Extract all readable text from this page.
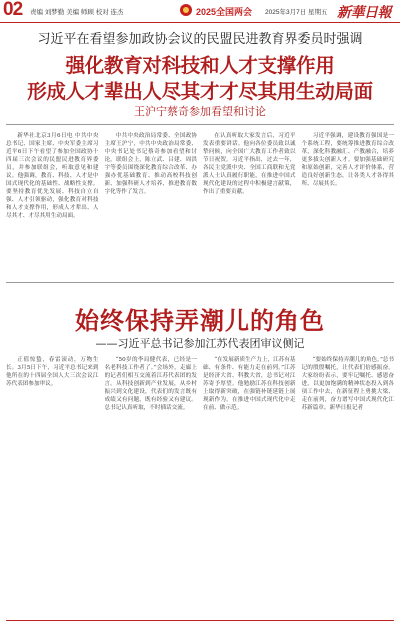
02 责编 刘梦勤 美编 师顾 校对 连杰	2025全国两会 2025年3月7日 星期五 新華日報
习近平在看望参加政协会议的民盟民进教育界委员时强调
强化教育对科技和人才支撑作用
形成人才辈出人尽其才才尽其用生动局面
王沪宁蔡奇参加看望和讨论

新华社北京3月6日电 中共中央总书记、国家主席、中央军委主席习近平6日下午看望了参加全国政协十四届三次会议的民盟民进教育界委员，并参加联组会，听取意见和建议。他强调，教育、科技、人才是中国式现代化的基础性、战略性支撑。要坚持教育优先发展、科技自立自强、人才引领驱动，强化教育对科技和人才支撑作用，形成人才辈出、人尽其才、才尽其用生动局面。

中共中央政治局常委、全国政协主席王沪宁，中共中央政治局常委、中央书记处书记蔡奇参加看望和讨论。联组会上，陈立武、吕建、周洪宇等委员围绕深化教育综合改革、办强办优基础教育、推动高校科技创新、加强科研人才培养、推进教育数字化等作了发言。

在认真听取大家发言后，习近平发表重要讲话。他向各位委员致以诚挚问候，向全国广大教育工作者致以节日祝贺。习近平指出，过去一年，各民主党派中央、全国工商联和无党派人士认真履行职能，在推进中国式现代化建设的过程中积极建言献策，作出了重要贡献。

习近平强调，建设教育强国是一个系统工程，要统筹推进教育综合改革，深化科教融汇、产教融合，培养更多拔尖创新人才。要加强基础研究和原始创新，完善人才评价体系，营造良好创新生态，让各类人才各得其所、尽展其长。

始终保持弄潮儿的角色
——习近平总书记参加江苏代表团审议侧记

正值惊蛰，春雷滚动，万物生长。3月5日下午，习近平总书记来到他所在的十四届全国人大三次会议江苏代表团参加审议。

“50岁的李局健代表，已经是一名老科技工作者了。”会场外，走廊上的记者们相互交流着江苏代表团的发言。从科技创新到产业发展，从乡村振兴到文化建设，代表们的发言既有成绩又有问题，既有经验又有建议。总书记认真听取，不时插话交流。

“在发展新质生产力上，江苏有基础、有条件、有能力走在前列。”江苏是经济大省、科教大省，总书记对江苏寄予厚望。他勉励江苏在科技创新上取得新突破，在强链补链延链上展现新作为，在推进中国式现代化中走在前、做示范。

“要始终保持弄潮儿的角色。”总书记的殷殷嘱托，让代表们倍感振奋。大家纷纷表示，要牢记嘱托、感恩奋进，以更加饱满的精神状态投入到各项工作中去，在新征程上勇挑大梁、走在前列，奋力谱写中国式现代化江苏新篇章。新华日报记者
